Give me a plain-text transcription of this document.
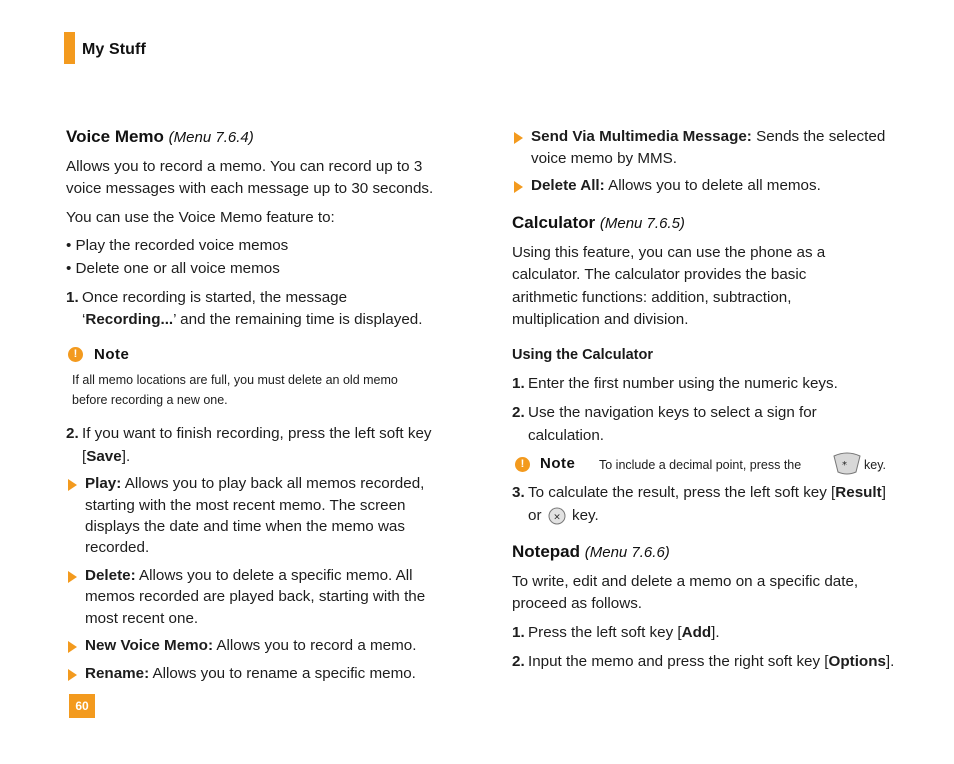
My Stuff
Voice Memo (Menu 7.6.4)
Allows you to record a memo. You can record up to 3
voice messages with each message up to 30 seconds.
You can use the Voice Memo feature to:
• Play the recorded voice memos
• Delete one or all voice memos
1. Once recording is started, the message
‘Recording...’ and the remaining time is displayed.
!	Note
If all memo locations are full, you must delete an old memo
before recording a new one.
2. If you want to finish recording, press the left soft key
[Save].
Play: Allows you to play back all memos recorded,
starting with the most recent memo. The screen
displays the date and time when the memo was
recorded.
Delete: Allows you to delete a specific memo. All
memos recorded are played back, starting with the
most recent one.
New Voice Memo: Allows you to record a memo.
Rename: Allows you to rename a specific memo.
Send Via Multimedia Message: Sends the selected
voice memo by MMS.
Delete All: Allows you to delete all memos.
Calculator (Menu 7.6.5)
Using this feature, you can use the phone as a
calculator. The calculator provides the basic
arithmetic functions: addition, subtraction,
multiplication and division.
Using the Calculator
1. Enter the first number using the numeric keys.
2. Use the navigation keys to select a sign for
calculation.
!	Note To include a decimal point, press the	*  key.
3. To calculate the result, press the left soft key [Result]
or × key.
Notepad (Menu 7.6.6)
To write, edit and delete a memo on a specific date,
proceed as follows.
1. Press the left soft key [Add].
2. Input the memo and press the right soft key [Options].
60
